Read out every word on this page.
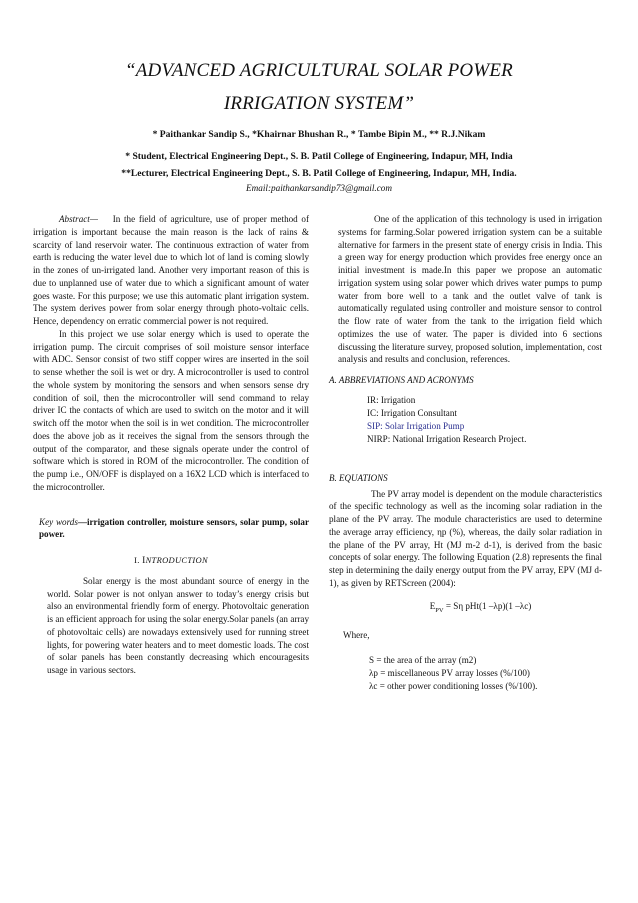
“ADVANCED AGRICULTURAL SOLAR POWER
IRRIGATION SYSTEM”
* Paithankar Sandip S., *Khairnar Bhushan R., * Tambe Bipin M., ** R.J.Nikam
* Student, Electrical Engineering Dept., S. B. Patil College of Engineering, Indapur, MH, India
**Lecturer, Electrical Engineering Dept., S. B. Patil College of Engineering, Indapur, MH, India.
Email:paithankarsandip73@gmail.com

Abstract— In the field of agriculture, use of proper method of irrigation is important because the main reason is the lack of rains & scarcity of land reservoir water. The continuous extraction of water from earth is reducing the water level due to which lot of land is coming slowly in the zones of un-irrigated land. Another very important reason of this is due to unplanned use of water due to which a significant amount of water goes waste. For this purpose; we use this automatic plant irrigation system. The system derives power from solar energy through photo-voltaic cells. Hence, dependency on erratic commercial power is not required.

In this project we use solar energy which is used to operate the irrigation pump. The circuit comprises of soil moisture sensor interface with ADC. Sensor consist of two stiff copper wires are inserted in the soil to sense whether the soil is wet or dry. A microcontroller is used to control the whole system by monitoring the sensors and when sensors sense dry condition of soil, then the microcontroller will send command to relay driver IC the contacts of which are used to switch on the motor and it will switch off the motor when the soil is in wet condition. The microcontroller does the above job as it receives the signal from the sensors through the output of the comparator, and these signals operate under the control of software which is stored in ROM of the microcontroller. The condition of the pump i.e., ON/OFF is displayed on a 16X2 LCD which is interfaced to the microcontroller.

Key words—irrigation controller, moisture sensors, solar pump, solar power.

I. INTRODUCTION

Solar energy is the most abundant source of energy in the world. Solar power is not onlyan answer to today’s energy crisis but also an environmental friendly form of energy. Photovoltaic generation is an efficient approach for using the solar energy.Solar panels (an array of photovoltaic cells) are nowadays extensively used for running street lights, for powering water heaters and to meet domestic loads. The cost of solar panels has been constantly decreasing which encouragesits usage in various sectors.

One of the application of this technology is used in irrigation systems for farming.Solar powered irrigation system can be a suitable alternative for farmers in the present state of energy crisis in India. This a green way for energy production which provides free energy once an initial investment is made.In this paper we propose an automatic irrigation system using solar power which drives water pumps to pump water from bore well to a tank and the outlet valve of tank is automatically regulated using controller and moisture sensor to control the flow rate of water from the tank to the irrigation field which optimizes the use of water. The paper is divided into 6 sections discussing the literature survey, proposed solution, implementation, cost analysis and results and conclusion, references.

A. ABBREVIATIONS AND ACRONYMS

IR: Irrigation

IC: Irrigation Consultant

SIP: Solar Irrigation Pump

NIRP: National Irrigation Research Project.

B. EQUATIONS

The PV array model is dependent on the module characteristics of the specific technology as well as the incoming solar radiation in the plane of the PV array. The module characteristics are used to determine the average array efficiency, ηp (%), whereas, the daily solar radiation in the plane of the PV array, Ht (MJ m-2 d-1), is derived from the basic concepts of solar energy. The following Equation (2.8) represents the final step in determining the daily energy output from the PV array, EPV (MJ d-1), as given by RETScreen (2004):

$E_{PV} = S\eta$ pHt(1 –λp)(1 –λc)

Where,

S = the area of the array (m2)

λp = miscellaneous PV array losses (%/100)

λc = other power conditioning losses (%/100).
